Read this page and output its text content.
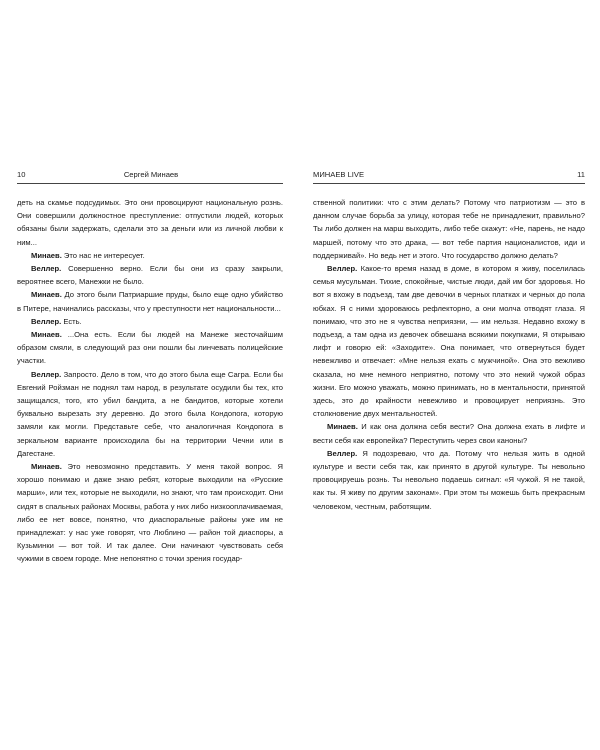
10	Сергей Минаев

деть на скамье подсудимых. Это они провоцируют национальную рознь. Они совершили должностное преступление: отпустили людей, которых обязаны были задержать, сделали это за деньги или из личной любви к ним...

Минаев. Это нас не интересует.

Веллер. Совершенно верно. Если бы они из сразу закрыли, вероятнее всего, Манежки не было.

Минаев. До этого были Патриаршие пруды, было еще одно убийство в Питере, начинались рассказы, что у преступности нет национальности...

Веллер. Есть.

Минаев. ...Она есть. Если бы людей на Манеже жесточайшим образом смяли, в следующий раз они пошли бы линчевать полицейские участки.

Веллер. Запросто. Дело в том, что до этого была еще Сагра. Если бы Евгений Ройзман не поднял там народ, в результате осудили бы тех, кто защищался, того, кто убил бандита, а не бандитов, которые хотели буквально вырезать эту деревню. До этого была Кондопога, которую замяли как могли. Представьте себе, что аналогичная Кондопога в зеркальном варианте происходила бы на территории Чечни или в Дагестане.

Минаев. Это невозможно представить. У меня такой вопрос. Я хорошо понимаю и даже знаю ребят, которые выходили на «Русские марши», или тех, которые не выходили, но знают, что там происходит. Они сидят в спальных районах Москвы, работа у них либо низкооплачиваемая, либо ее нет вовсе, понятно, что диаспоральные районы уже им не принадлежат: у нас уже говорят, что Люблино — район той диаспоры, а Кузьминки — вот той. И так далее. Они начинают чувствовать себя чужими в своем городе. Мне непонятно с точки зрения государ-

МИНАЕВ LIVE	11

ственной политики: что с этим делать? Потому что патриотизм — это в данном случае борьба за улицу, которая тебе не принадлежит, правильно? Ты либо должен на марш выходить, либо тебе скажут: «Не, парень, не надо маршей, потому что это драка, — вот тебе партия националистов, иди и поддерживай». Но ведь нет и этого. Что государство должно делать?

Веллер. Какое-то время назад в доме, в котором я живу, поселилась семья мусульман. Тихие, спокойные, чистые люди, дай им бог здоровья. Но вот я вхожу в подъезд, там две девочки в черных платках и черных до пола юбках. Я с ними здороваюсь рефлекторно, а они молча отводят глаза. Я понимаю, что это не я чувства неприязни, — им нельзя. Недавно вхожу в подъезд, а там одна из девочек обвешана всякими покупками, Я открываю лифт и говорю ей: «Заходите». Она понимает, что отвернуться будет невежливо и отвечает: «Мне нельзя ехать с мужчиной». Она это вежливо сказала, но мне немного неприятно, потому что это некий чужой образ жизни. Его можно уважать, можно принимать, но в ментальности, принятой здесь, это до крайности невежливо и провоцирует неприязнь. Это столкновение двух ментальностей.

Минаев. И как она должна себя вести? Она должна ехать в лифте и вести себя как европейка? Переступить через свои каноны?

Веллер. Я подозреваю, что да. Потому что нельзя жить в одной культуре и вести себя так, как принято в другой культуре. Ты невольно провоцируешь рознь. Ты невольно подаешь сигнал: «Я чужой. Я не такой, как ты. Я живу по другим законам». При этом ты можешь быть прекрасным человеком, честным, работящим.
